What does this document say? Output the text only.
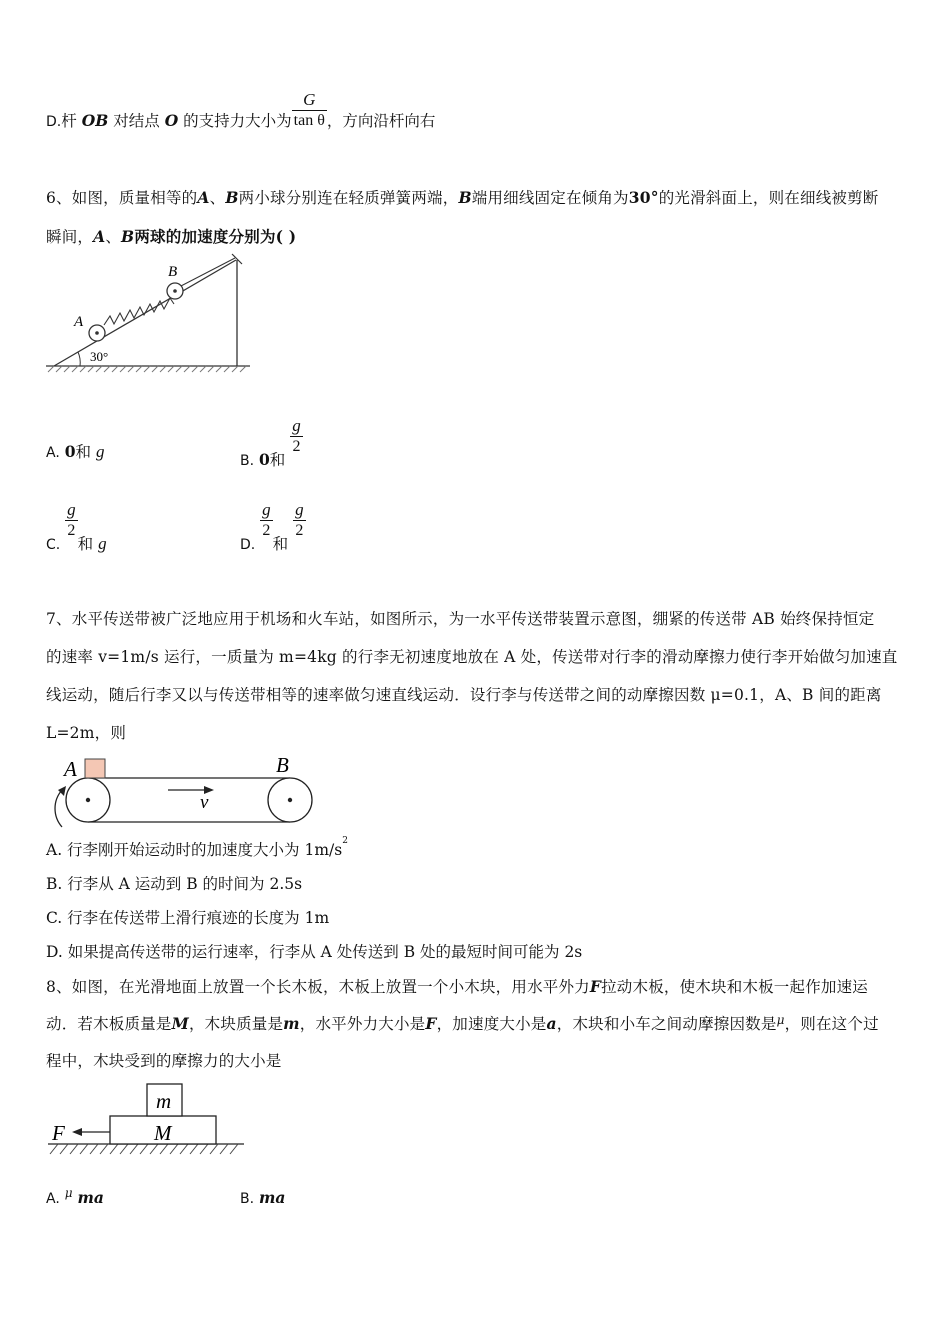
D.杆 OB 对结点 O 的支持力大小为 $\frac{G}{\text{tan θ}}$ ，方向沿杆向右
6、如图，质量相等的A、B两小球分别连在轻质弹簧两端，B端用细线固定在倾角为30°的光滑斜面上，则在细线被剪断
瞬间，A、B两球的加速度分别为( )
A
B
30°
A. 0和 g	B. 0和
$\frac{g}{2}$
C.
$\frac{g}{2}$
和 g	D.
$\frac{g}{2}$
和
$\frac{g}{2}$
7、水平传送带被广泛地应用于机场和火车站，如图所示，为一水平传送带装置示意图，绷紧的传送带 AB 始终保持恒定
的速率 v=1m/s 运行，一质量为 m=4kg 的行李无初速度地放在 A 处，传送带对行李的滑动摩擦力使行李开始做匀加速直
线运动，随后行李又以与传送带相等的速率做匀速直线运动．设行李与传送带之间的动摩擦因数 μ=0.1，A、B 间的距离
L=2m，则
A	B
v
A. 行李刚开始运动时的加速度大小为 $1m/s^2$
B. 行李从 A 运动到 B 的时间为 2.5s
C. 行李在传送带上滑行痕迹的长度为 1m
D. 如果提高传送带的运行速率，行李从 A 处传送到 B 处的最短时间可能为 2s
8、如图，在光滑地面上放置一个长木板，木板上放置一个小木块，用水平外力F拉动木板，使木块和木板一起作加速运
动．若木板质量是M，木块质量是m，水平外力大小是F，加速度大小是a，木块和小车之间动摩擦因数是$^\mu$，则在这个过
程中，木块受到的摩擦力的大小是
m
M
F
A. $^\mu$ ma	B. ma
